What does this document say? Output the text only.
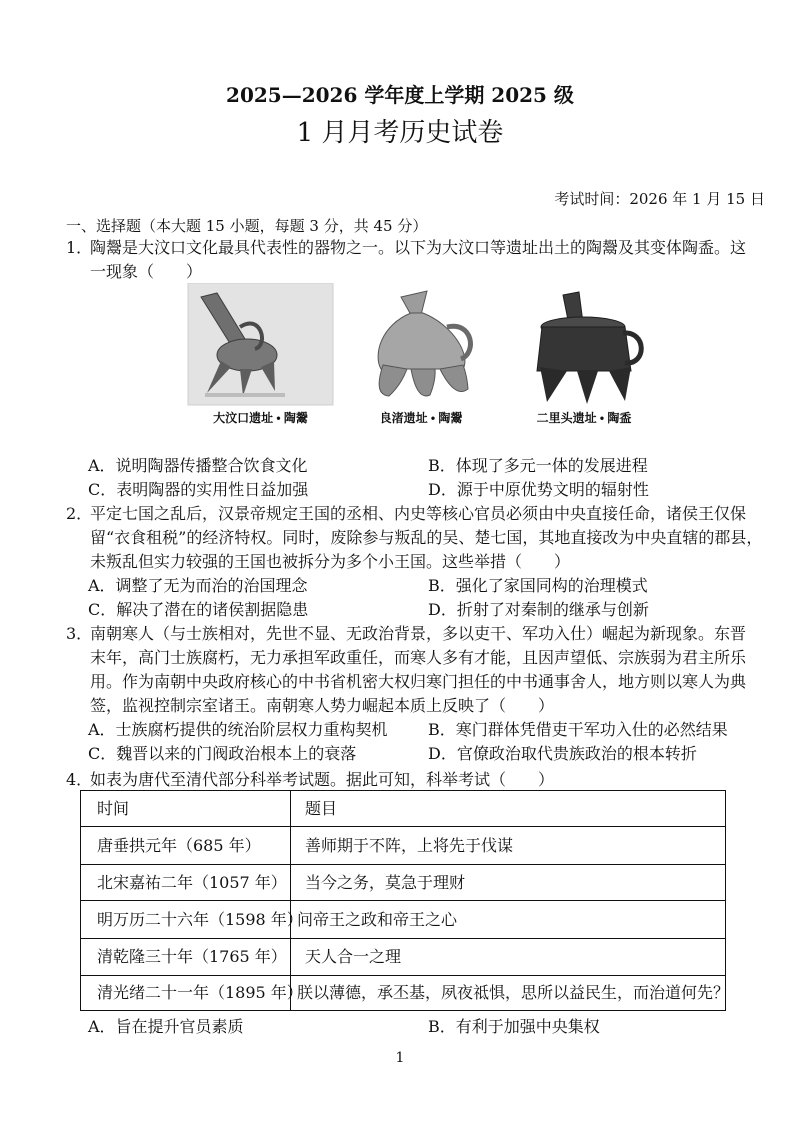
2025—2026 学年度上学期 2025 级
1 月月考历史试卷
考试时间：2026 年 1 月 15 日
一、选择题（本大题 15 小题，每题 3 分，共 45 分）
1．
陶鬶是大汶口文化最具代表性的器物之一。以下为大汶口等遗址出土的陶鬶及其变体陶盉。这
一现象（　　）
大汶口遗址 • 陶鬶	良渚遗址 • 陶鬶	二里头遗址 • 陶盉
A．说明陶器传播整合饮食文化	B．体现了多元一体的发展进程
C．表明陶器的实用性日益加强	D．源于中原优势文明的辐射性
2．
平定七国之乱后，汉景帝规定王国的丞相、内史等核心官员必须由中央直接任命，诸侯王仅保
留“衣食租税”的经济特权。同时，废除参与叛乱的吴、楚七国，其地直接改为中央直辖的郡县，
未叛乱但实力较强的王国也被拆分为多个小王国。这些举措（　　）
A．调整了无为而治的治国理念	B．强化了家国同构的治理模式
C．解决了潜在的诸侯割据隐患	D．折射了对秦制的继承与创新
3．
南朝寒人（与士族相对，先世不显、无政治背景，多以吏干、军功入仕）崛起为新现象。东晋
末年，高门士族腐朽，无力承担军政重任，而寒人多有才能，且因声望低、宗族弱为君主所乐
用。作为南朝中央政府核心的中书省机密大权归寒门担任的中书通事舍人，地方则以寒人为典
签，监视控制宗室诸王。南朝寒人势力崛起本质上反映了（　　）
A．士族腐朽提供的统治阶层权力重构契机	B．寒门群体凭借吏干军功入仕的必然结果
C．魏晋以来的门阀政治根本上的衰落	D．官僚政治取代贵族政治的根本转折
4．
如表为唐代至清代部分科举考试题。据此可知，科举考试（　　）
时间	题目
唐垂拱元年（685 年）	善师期于不阵，上将先于伐谋
北宋嘉祐二年（1057 年）	当今之务，莫急于理财
明万历二十六年（1598 年）	问帝王之政和帝王之心
清乾隆三十年（1765 年）	天人合一之理
清光绪二十一年（1895 年）	朕以薄德，承丕基，夙夜祗惧，思所以益民生，而治道何先？
A．旨在提升官员素质	B．有利于加强中央集权
1
